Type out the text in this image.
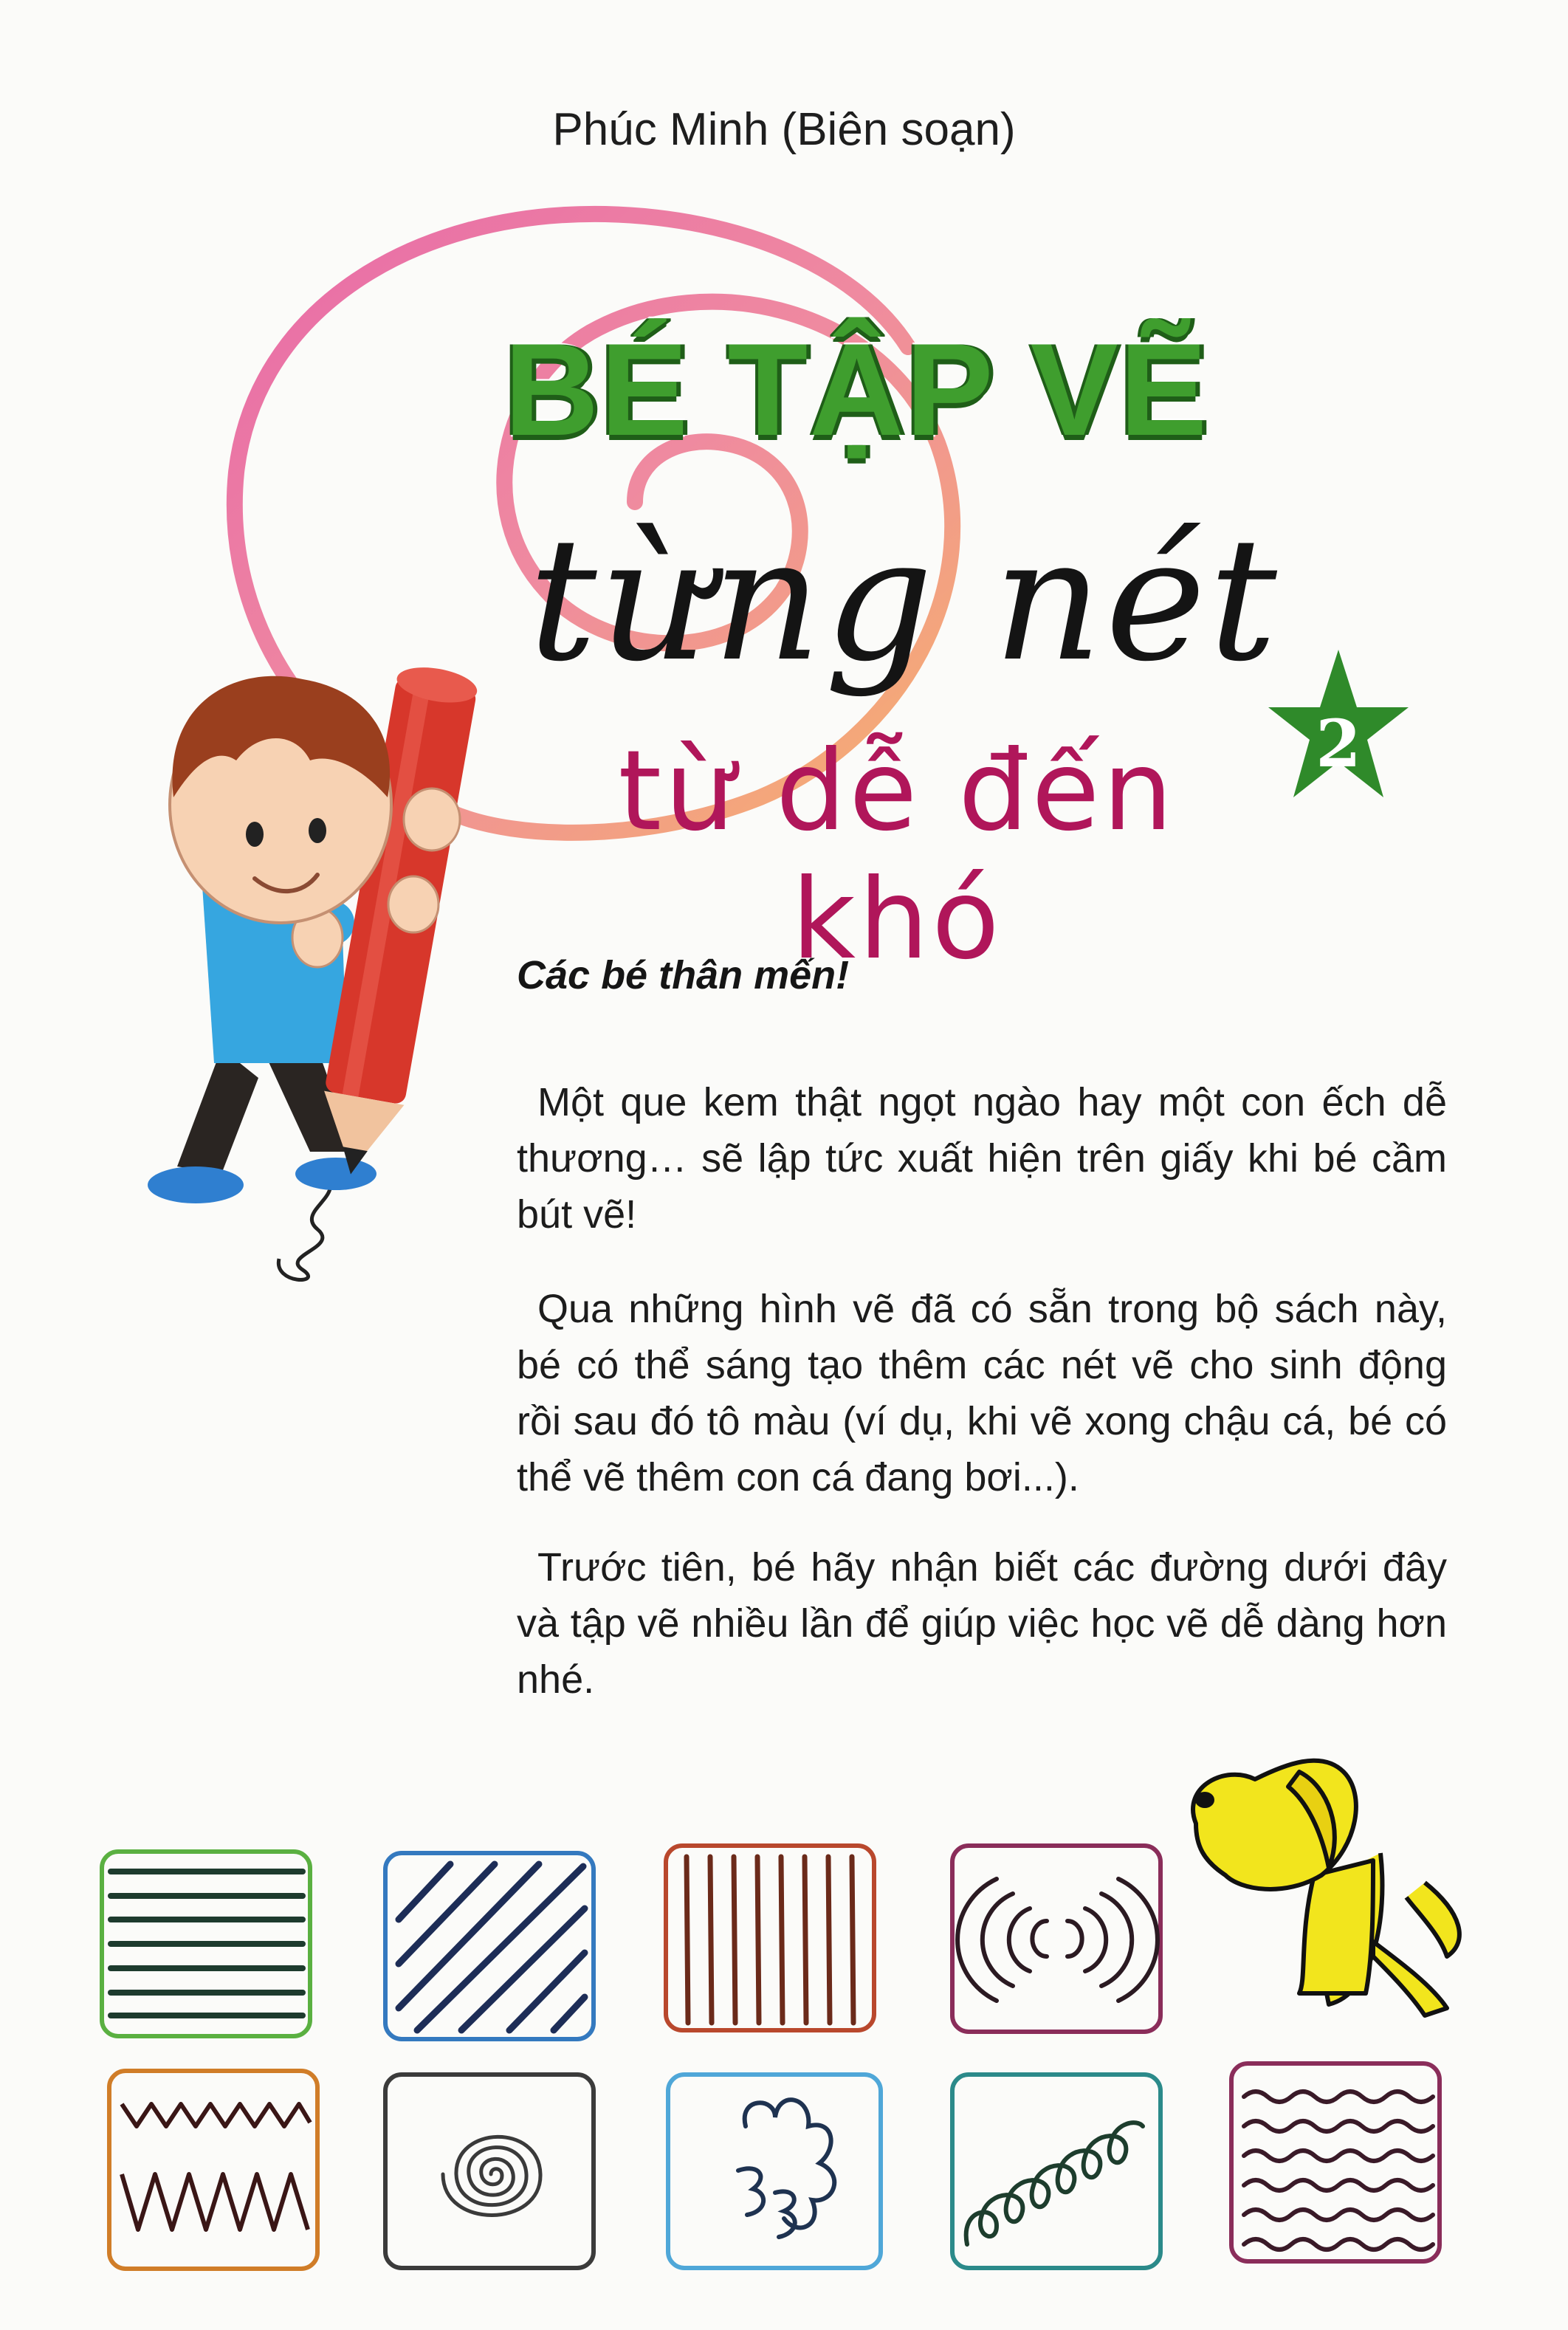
Phúc Minh (Biên soạn)
BÉ TẬP VẼ
từng nét
từ dễ đến khó
2
Các bé thân mến!

Một que kem thật ngọt ngào hay một con ếch dễ thương… sẽ lập tức xuất hiện trên giấy khi bé cầm bút vẽ!

Qua những hình vẽ đã có sẵn trong bộ sách này, bé có thể sáng tạo thêm các nét vẽ cho sinh động rồi sau đó tô màu (ví dụ, khi vẽ xong chậu cá, bé có thể vẽ thêm con cá đang bơi...).

Trước tiên, bé hãy nhận biết các đường dưới đây và tập vẽ nhiều lần để giúp việc học vẽ dễ dàng hơn nhé.
